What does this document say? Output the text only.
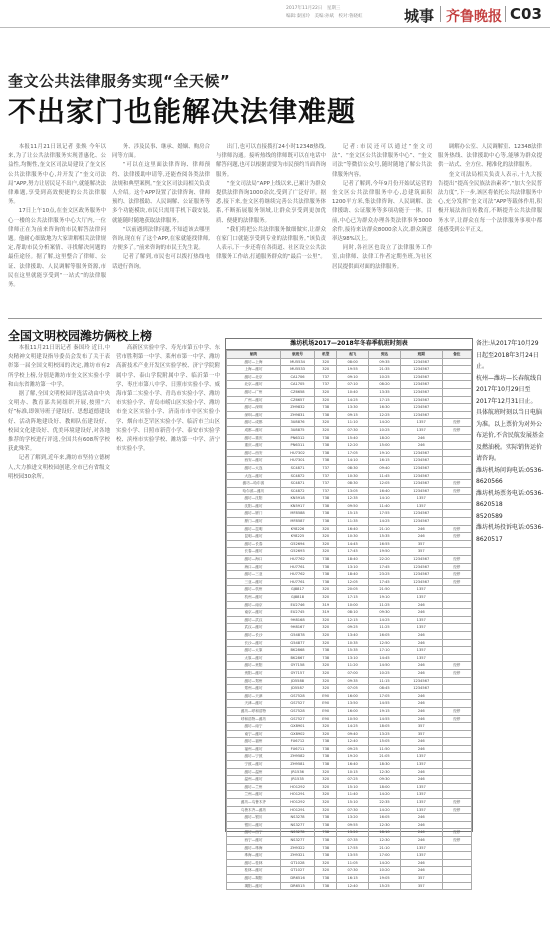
2017年11月22日　星期三
编辑:秦国玲　美编:孙斌　校对:鲁晓虹	城事 齐鲁晚报 C03
奎文公共法律服务实现“全天候”
不出家门也能解决法律难题

本报11月21日讯记者 张焕 今年以来,为了让公共法律服务实现普惠化、公益性,均衡性,奎文区司法局建设了奎文区公共法律服务中心,并开发了“奎文司法局”APP,努力让居民足不出户,就能解决法律难题,享受到高效便捷的公共法律服务。

17日上午10点,在奎文区政务服务中心一楼的公共法律服务中心大厅内,一位律师正在为前来咨询的市民解答法律问题。他耐心细致地为大家讲解相关法律规定,帮助市民分析案情、寻找解决问题的最佳途径。据了解,这里整合了律师、公证、法律援助、人民调解等服务资源,市民在这里就能享受到“一站式”的法律服务。

务、涉及民事、继承、婚姻、购房合同等方面。

“可以在这里面法律咨询、律师预约、法律援助申请等,还能查阅各类法律法规和典型案例。”奎文区司法局相关负责人介绍。这个APP设置了法律咨询、律师预约、法律援助、人民调解、公证服务等多个功能模块,市民只需用手机下载安装,就能随时随地获取法律服务。

“以前遇到法律问题,不知道该去哪里咨询,现在有了这个APP,在家就能找律师,方便多了。”前来咨询的市民王先生说。

记者了解到,市民也可以拨打热线电话进行咨询。

出门,也可以直接拨打24小时12348热线,与律师沟通。接听热线的律师既可以在电话中解答问题,也可以根据需要为市民预约当面咨询服务。

“奎文司法局”APP上线以来,已累计为群众提供法律咨询1000余次,受到了广泛好评。据悉,接下来,奎文区将继续完善公共法律服务体系,不断拓展服务领域,让群众享受到更加优质、便捷的法律服务。

“我们将把公共法律服务做细做实,让群众在家门口就能享受到专业的法律服务。”该负责人表示,下一步还将在各街道、社区设立公共法律服务工作站,打通服务群众的“最后一公里”。

记者:市民还可以通过“奎文司法”、“奎文区公共法律服务中心”、“奎文司法”等微信公众号,随时随地了解公共法律服务内容。

记者了解到,今年9月份开始试运营的奎文区公共法律服务中心,总建筑面积1200平方米,集法律咨询、人民调解、法律援助、公证服务等多项功能于一体。目前,中心已为群众办理各类法律事务3000余件,接待来访群众8000余人次,群众满意率达98%以上。

同时,各社区也设立了法律服务工作室,由律师、法律工作者定期坐班,为社区居民提供面对面的法律服务。

调解办公室、人民调解室、12348法律服务热线、法律援助中心等,能够为群众提供一站式、全方位、精准化的法律服务。

奎文司法局相关负责人表示,十九大报告提出“提高全民族法治素养”,“加大全民普法力度”,下一步,该区将依托公共法律服务中心,充分发挥“奎文司法”APP等载体作用,积极开展法治宣传教育,不断提升公共法律服务水平,让群众在每一个法律服务事项中都能感受到公平正义。

全国文明校园潍坊俩校上榜

本报11月21日讯记者 秦国玲 近日,中央精神文明建设指导委员会发布了关于表彰第一届全国文明校园的决定,潍坊市有2所学校上榜,分别是潍坊市奎文区实验小学和山东省潍坊第一中学。

据了解,全国文明校园评选活动由中央文明办、教育部共同组织开展,按照“六好”标准,即领导班子建设好、思想道德建设好、活动阵地建设好、教师队伍建设好、校园文化建设好、优美环境建设好,对各地推荐的学校进行评选,全国共有608所学校获此殊荣。

记者了解到,近年来,潍坊市坚持立德树人,大力推进文明校园创建,全市已有省级文明校园30余所。

高新区实验中学、寿光市第五中学、东营市胜利第一中学、莱州市第一中学、潍坊高新技术产业开发区实验学校、济宁学院附属中学、泰山学院附属中学、临沂第一中学、枣庄市第八中学、日照市实验小学、威海市第二实验小学、青岛市实验小学、潍坊市实验小学、青岛市崂山区实验小学、潍坊市奎文区实验小学、济南市市中区实验小学、烟台市芝罘区实验小学、临沂市兰山区实验小学、日照市新营小学、泰安市实验学校、滨州市实验学校、潍坊第一中学、济宁市实验小学。

潍坊机场2017—2018年冬春季航班时刻表
航线	航班号	机型	起飞	到达	班期	备注
潍坊—上海	MU5534	320	08:00	09:35	1234567	
上海—潍坊	MU5533	320	19:55	21:35	1234567	
潍坊—北京	CA1706	737	09:10	10:25	1234567	
北京—潍坊	CA1705	737	07:10	08:20	1234567	
潍坊—广州	CZ6658	320	10:40	13:35	1234567	
广州—潍坊	CZ6657	320	14:25	17:15	1234567	
潍坊—深圳	ZH9832	738	13:30	16:30	1234567	
深圳—潍坊	ZH9831	738	09:15	12:25	1234567	
潍坊—成都	3U8876	320	11:10	14:20	1357	经停
成都—潍坊	3U8875	320	07:30	10:25	1357	经停
潍坊—重庆	PN6312	738	15:40	18:20	246	
重庆—潍坊	PN6311	738	12:20	15:00	246	
潍坊—西安	HU7302	738	17:05	19:10	1234567	
西安—潍坊	HU7301	738	14:10	16:15	1234567	
潍坊—大连	SC4871	737	08:30	09:40	1234567	
大连—潍坊	SC4872	737	10:30	11:45	1234567	
潍坊—哈尔滨	SC4871	737	08:30	12:05	1234567	经停
哈尔滨—潍坊	SC4872	737	13:05	16:40	1234567	经停
潍坊—沈阳	KN5918	738	12:35	14:10	1357	
沈阳—潍坊	KN5917	738	09:50	11:40	1357	
潍坊—厦门	MF8588	738	15:15	17:55	1234567	
厦门—潍坊	MF8587	738	11:35	14:25	1234567	
潍坊—昆明	KY8226	320	16:40	21:10	246	经停
昆明—潍坊	KY8225	320	10:30	15:35	246	经停
潍坊—长春	G52694	320	14:45	16:55	357	
长春—潍坊	G52693	320	17:45	19:50	357	
潍坊—海口	HU7762	738	18:40	22:20	1234567	经停
海口—潍坊	HU7761	738	13:10	17:45	1234567	经停
潍坊—三亚	HU7762	738	18:40	23:25	1234567	经停
三亚—潍坊	HU7761	738	12:05	17:45	1234567	经停
潍坊—杭州	GJ8817	320	20:05	21:50	1357	
杭州—潍坊	GJ8818	320	17:15	19:10	1357	
潍坊—南京	EU2746	319	10:00	11:25	246	
南京—潍坊	EU2745	319	08:10	09:30	246	
潍坊—武汉	9H8168	320	12:15	14:25	1357	
武汉—潍坊	9H8167	320	09:25	11:25	1357	
潍坊—长沙	G54878	320	13:40	16:05	246	
长沙—潍坊	G54877	320	10:35	12:50	246	
潍坊—太原	BK2868	738	15:35	17:10	1357	
太原—潍坊	BK2867	738	13:10	14:45	1357	
潍坊—贵阳	GY7158	320	11:20	14:50	246	经停
贵阳—潍坊	GY7157	320	07:00	10:25	246	经停
潍坊—郑州	JD5588	320	09:35	11:15	1234567	
郑州—潍坊	JD5587	320	07:05	08:45	1234567	
潍坊—天津	GS7528	E90	16:00	17:05	246	
天津—潍坊	GS7527	E90	13:50	14:55	246	
潍坊—呼和浩特	GS7528	E90	16:00	19:15	246	经停
呼和浩特—潍坊	GS7527	E90	10:50	14:55	246	经停
潍坊—南宁	GX8901	320	14:25	18:05	357	
南宁—潍坊	GX8902	320	09:40	13:25	357	
潍坊—福州	FU6712	738	12:40	15:05	246	
福州—潍坊	FU6711	738	09:25	11:50	246	
潍坊—宁波	ZH9582	738	19:20	21:05	1357	
宁波—潍坊	ZH9581	738	16:40	18:30	1357	
潍坊—温州	JR1536	320	10:15	12:30	246	
温州—潍坊	JR1535	320	07:25	09:30	246	
潍坊—兰州	HO1292	320	15:10	18:00	1357	
兰州—潍坊	HO1291	320	11:40	14:20	1357	
潍坊—乌鲁木齐	HO1292	320	15:10	22:35	1357	经停
乌鲁木齐—潍坊	HO1291	320	07:30	14:20	1357	经停
潍坊—银川	NS3278	738	13:20	16:05	246	
银川—潍坊	NS3277	738	09:55	12:30	246	
潍坊—西宁	NS3278	738	13:20	18:10	246	经停
西宁—潍坊	NS3277	738	07:35	12:30	246	经停
潍坊—珠海	ZH9322	738	17:55	21:10	1357	
珠海—潍坊	ZH9321	738	13:55	17:00	1357	
潍坊—桂林	GT1028	320	11:05	14:20	246	
桂林—潍坊	GT1027	320	07:30	10:20	246	
潍坊—揭阳	DR6516	738	16:15	19:05	357	
揭阳—潍坊	DR6515	738	12:40	15:25	357	

备注:从2017年10月29日起至2018年3月24日止。

杭州—潍坊—长春航线自2017年10月29日至2017年12月31日止。

具体航班时刻以当日电脑为准。以上票价为对外公布运价,不含民航发展基金及燃油税。实际销售运价请咨询。

潍坊机场问询电话:0536-8620566

潍坊机场票务电话:0536-8620518

8520589

潍坊机场投诉电话:0536-8620517
